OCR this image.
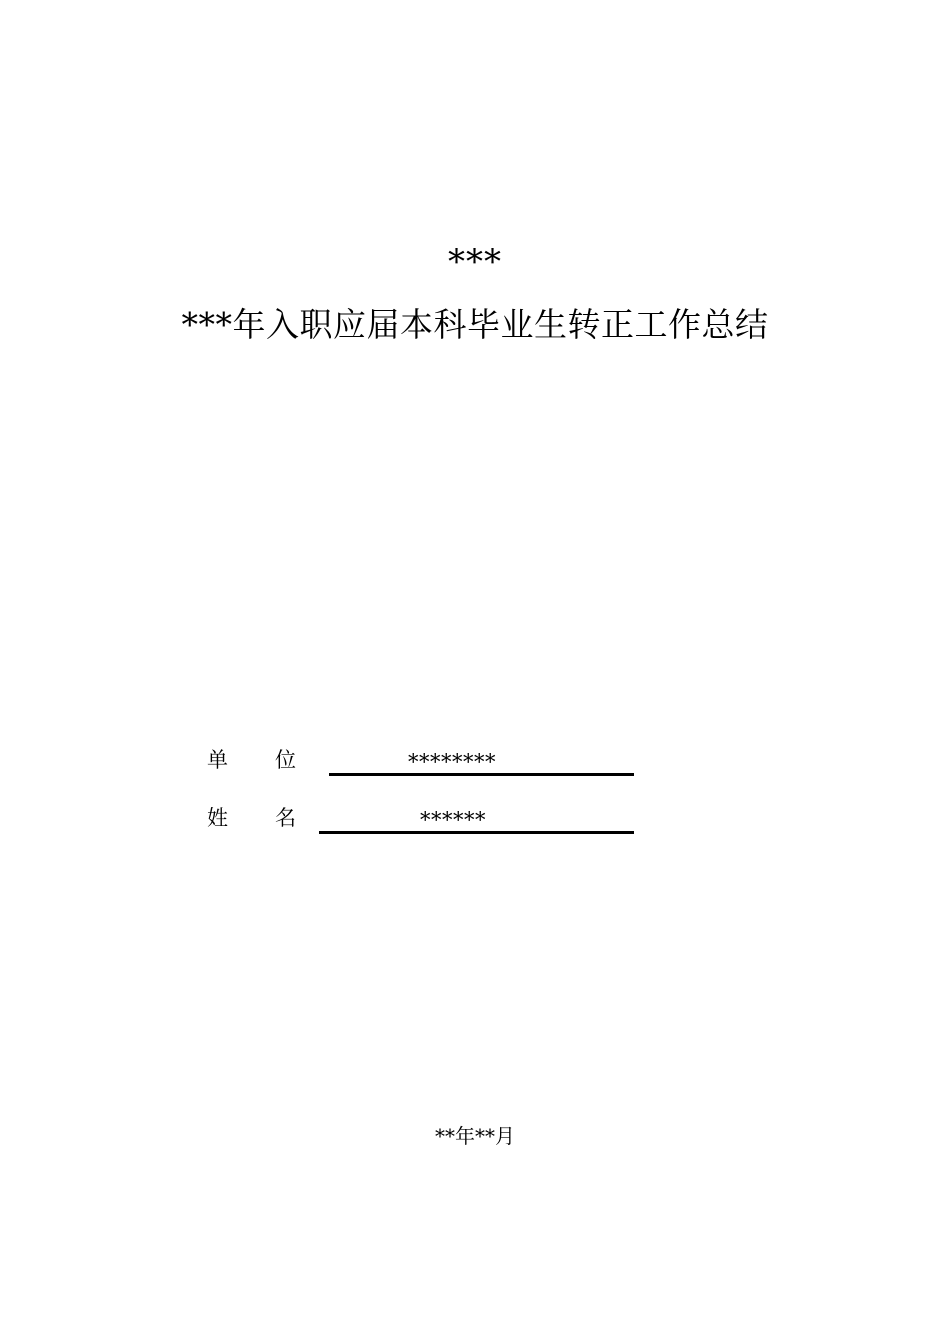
***
***年入职应届本科毕业生转正工作总结
单 位	********
姓 名	******
**年**月
